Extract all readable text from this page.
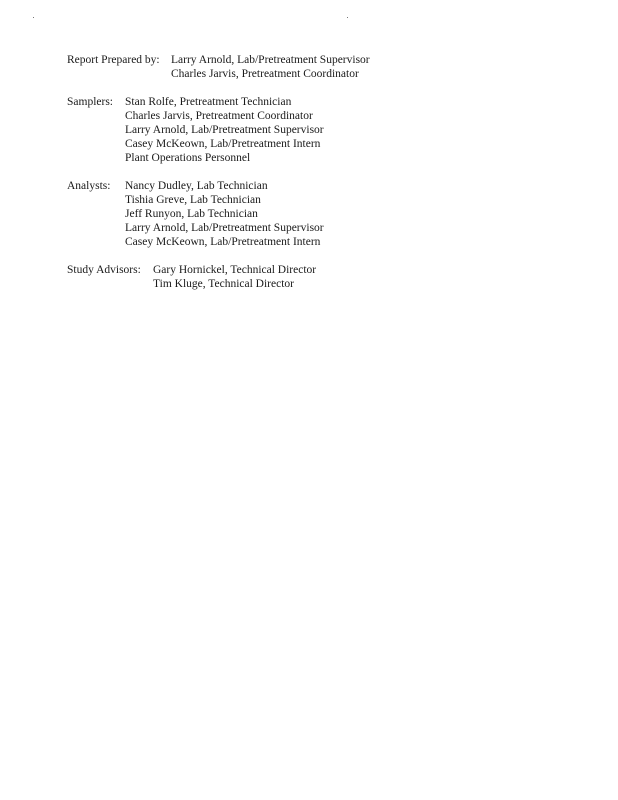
Report Prepared by: Larry Arnold, Lab/Pretreatment Supervisor
Charles Jarvis, Pretreatment Coordinator
Samplers:	Stan Rolfe, Pretreatment Technician
Charles Jarvis, Pretreatment Coordinator
Larry Arnold, Lab/Pretreatment Supervisor
Casey McKeown, Lab/Pretreatment Intern
Plant Operations Personnel
Analysts:	Nancy Dudley, Lab Technician
Tishia Greve, Lab Technician
Jeff Runyon, Lab Technician
Larry Arnold, Lab/Pretreatment Supervisor
Casey McKeown, Lab/Pretreatment Intern
Study Advisors:	Gary Hornickel, Technical Director
Tim Kluge, Technical Director
